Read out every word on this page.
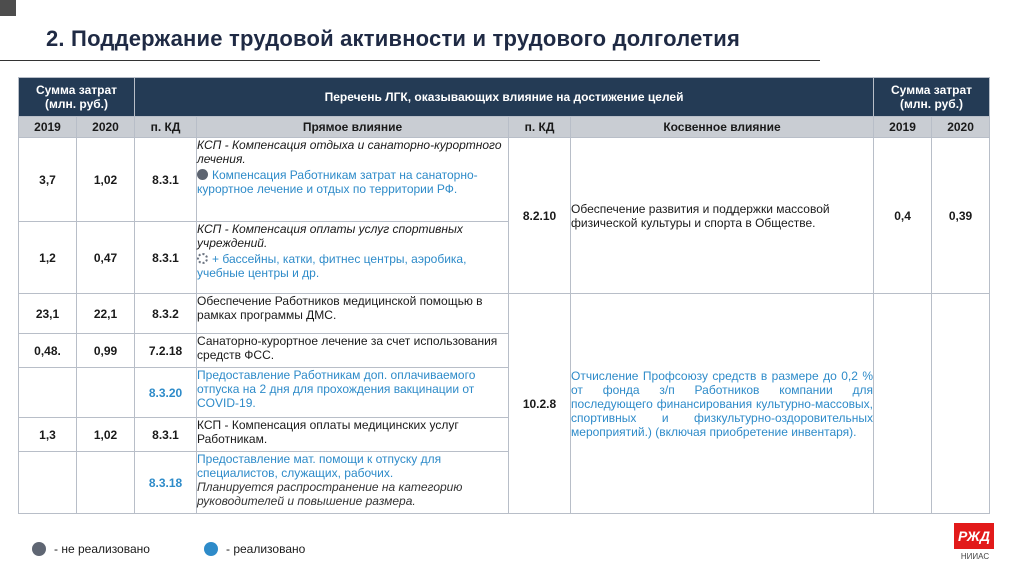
2. Поддержание трудовой активности и трудового долголетия
Сумма затрат (млн. руб.)		Перечень ЛГК, оказывающих влияние на достижение целей				Сумма затрат (млн. руб.)	
2019	2020	п. КД	Прямое влияние	п. КД	Косвенное влияние	2019	2020
3,7	1,02	8.3.1	КСП - Компенсация отдыха и санаторно-курортного лечения.
Компенсация Работникам затрат на санаторно-курортное лечение и отдых по территории РФ.	8.2.10	Обеспечение развития и поддержки массовой физической культуры и спорта в Обществе.	0,4	0,39
1,2	0,47	8.3.1	КСП - Компенсация оплаты услуг спортивных учреждений.
+ бассейны, катки, фитнес центры, аэробика, учебные центры и др.				

23,1	22,1	8.3.2	Обеспечение Работников медицинской помощью в рамках программы ДМС.	10.2.8	Отчисление Профсоюзу средств в размере до 0,2 % от фонда з/п Работников компании для последующего финансирования культурно-массовых, спортивных и физкультурно-оздоровительных мероприятий.) (включая приобретение инвентаря).		
0,48.	0,99	7.2.18	Санаторно-курортное лечение за счет использования средств ФСС.				
		8.3.20	Предоставление Работникам доп. оплачиваемого отпуска на 2 дня для прохождения вакцинации от COVID-19.				
1,3	1,02	8.3.1	КСП - Компенсация оплаты медицинских услуг Работникам.				
		8.3.18	Предоставление мат. помощи к отпуску для специалистов, служащих, рабочих.
Планируется распространение на категорию руководителей и повышение размера.				
- не реализовано	- реализовано
РЖД
НИИАС
